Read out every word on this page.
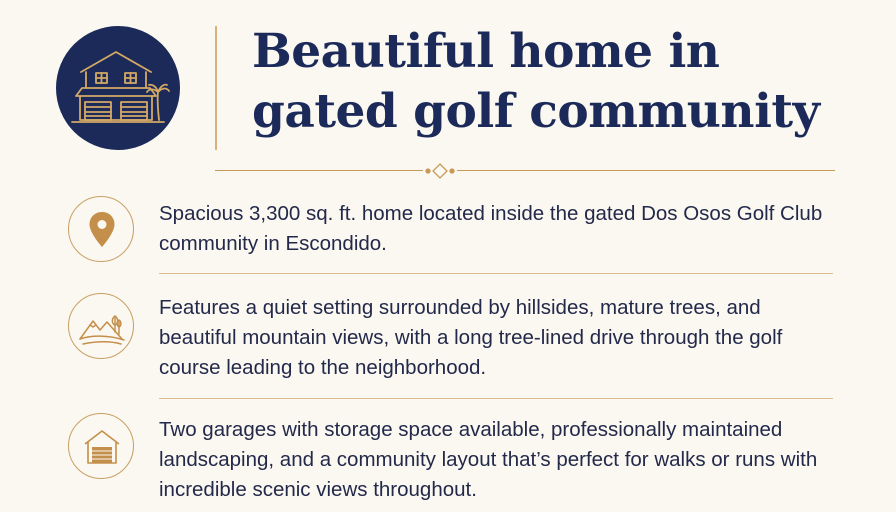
Beautiful home in
gated golf community

Spacious 3,300 sq. ft. home located inside the gated Dos Osos Golf Club community in Escondido.

Features a quiet setting surrounded by hillsides, mature trees, and beautiful mountain views, with a long tree-lined drive through the golf course leading to the neighborhood.

Two garages with storage space available, professionally maintained landscaping, and a community layout that’s perfect for walks or runs with incredible scenic views throughout.
